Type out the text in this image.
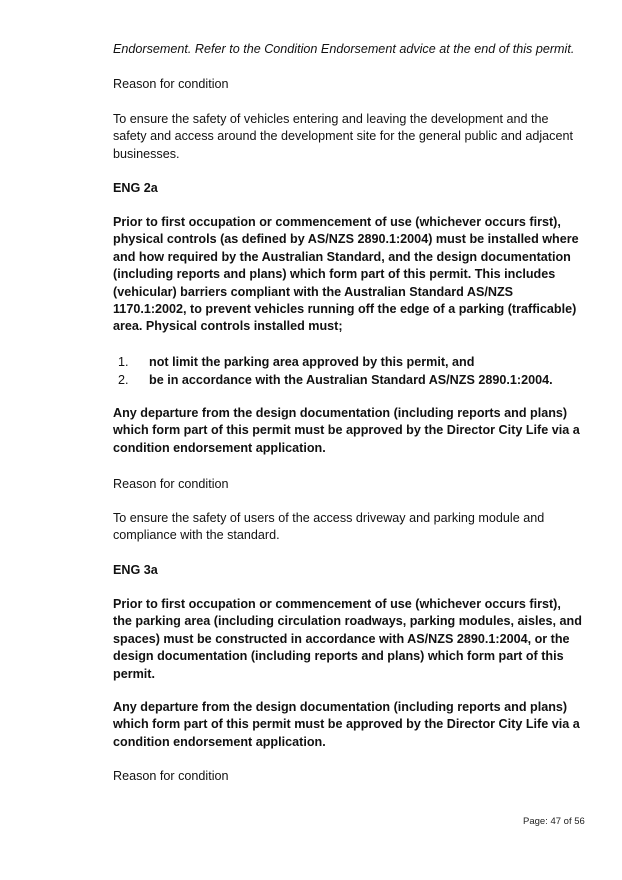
Endorsement. Refer to the Condition Endorsement advice at the end of this permit.
Reason for condition
To ensure the safety of vehicles entering and leaving the development and the safety and access around the development site for the general public and adjacent businesses.
ENG 2a
Prior to first occupation or commencement of use (whichever occurs first), physical controls (as defined by AS/NZS 2890.1:2004) must be installed where and how required by the Australian Standard, and the design documentation (including reports and plans) which form part of this permit. This includes (vehicular) barriers compliant with the Australian Standard AS/NZS 1170.1:2002, to prevent vehicles running off the edge of a parking (trafficable) area. Physical controls installed must;
1. not limit the parking area approved by this permit, and
2. be in accordance with the Australian Standard AS/NZS 2890.1:2004.
Any departure from the design documentation (including reports and plans) which form part of this permit must be approved by the Director City Life via a condition endorsement application.
Reason for condition
To ensure the safety of users of the access driveway and parking module and compliance with the standard.
ENG 3a
Prior to first occupation or commencement of use (whichever occurs first), the parking area (including circulation roadways, parking modules, aisles, and spaces) must be constructed in accordance with AS/NZS 2890.1:2004, or the design documentation (including reports and plans) which form part of this permit.
Any departure from the design documentation (including reports and plans) which form part of this permit must be approved by the Director City Life via a condition endorsement application.
Reason for condition
Page: 47 of 56
